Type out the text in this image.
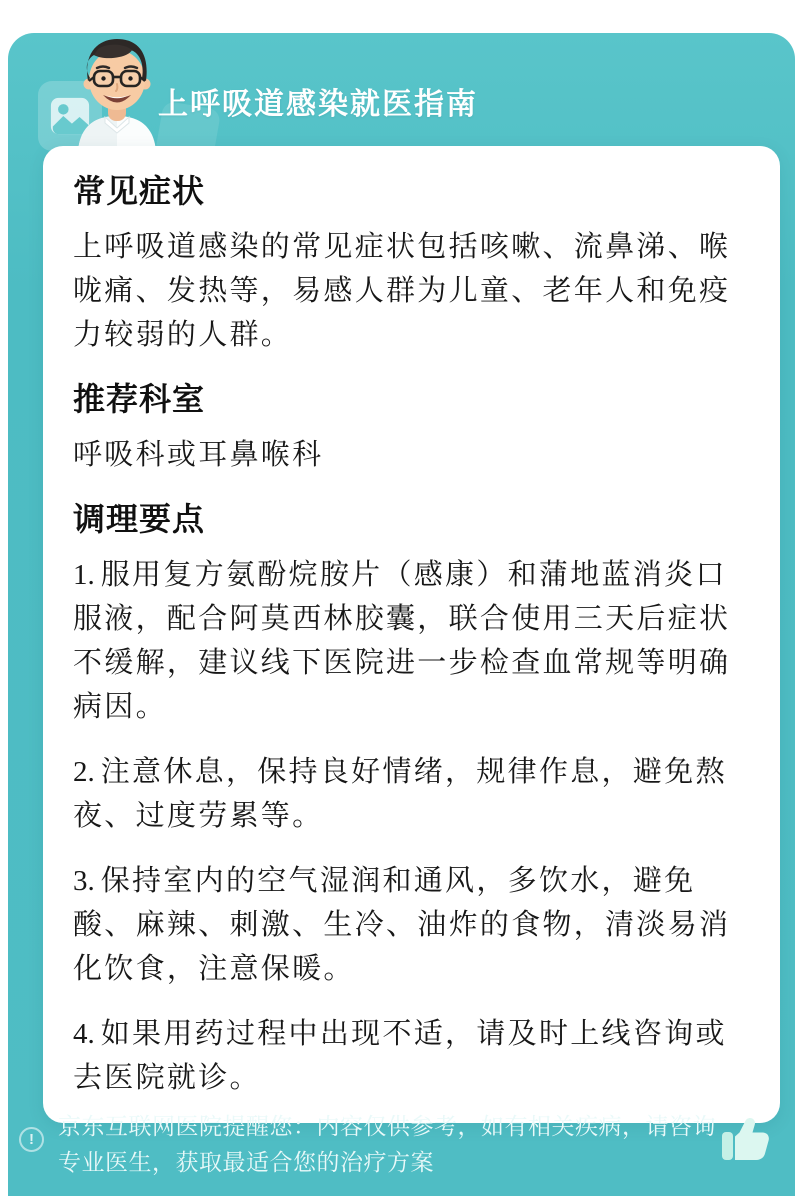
上呼吸道感染就医指南
常见症状

上呼吸道感染的常见症状包括咳嗽、流鼻涕、喉咙痛、发热等，易感人群为儿童、老年人和免疫力较弱的人群。

推荐科室

呼吸科或耳鼻喉科

调理要点

1. 服用复方氨酚烷胺片（感康）和蒲地蓝消炎口服液，配合阿莫西林胶囊，联合使用三天后症状不缓解，建议线下医院进一步检查血常规等明确病因。

2. 注意休息，保持良好情绪，规律作息，避免熬夜、过度劳累等。

3. 保持室内的空气湿润和通风，多饮水，避免酸、麻辣、刺激、生冷、油炸的食物，清淡易消化饮食，注意保暖。

4. 如果用药过程中出现不适，请及时上线咨询或去医院就诊。

!
京东互联网医院提醒您：内容仅供参考，如有相关疾病，请咨询专业医生，获取最适合您的治疗方案
